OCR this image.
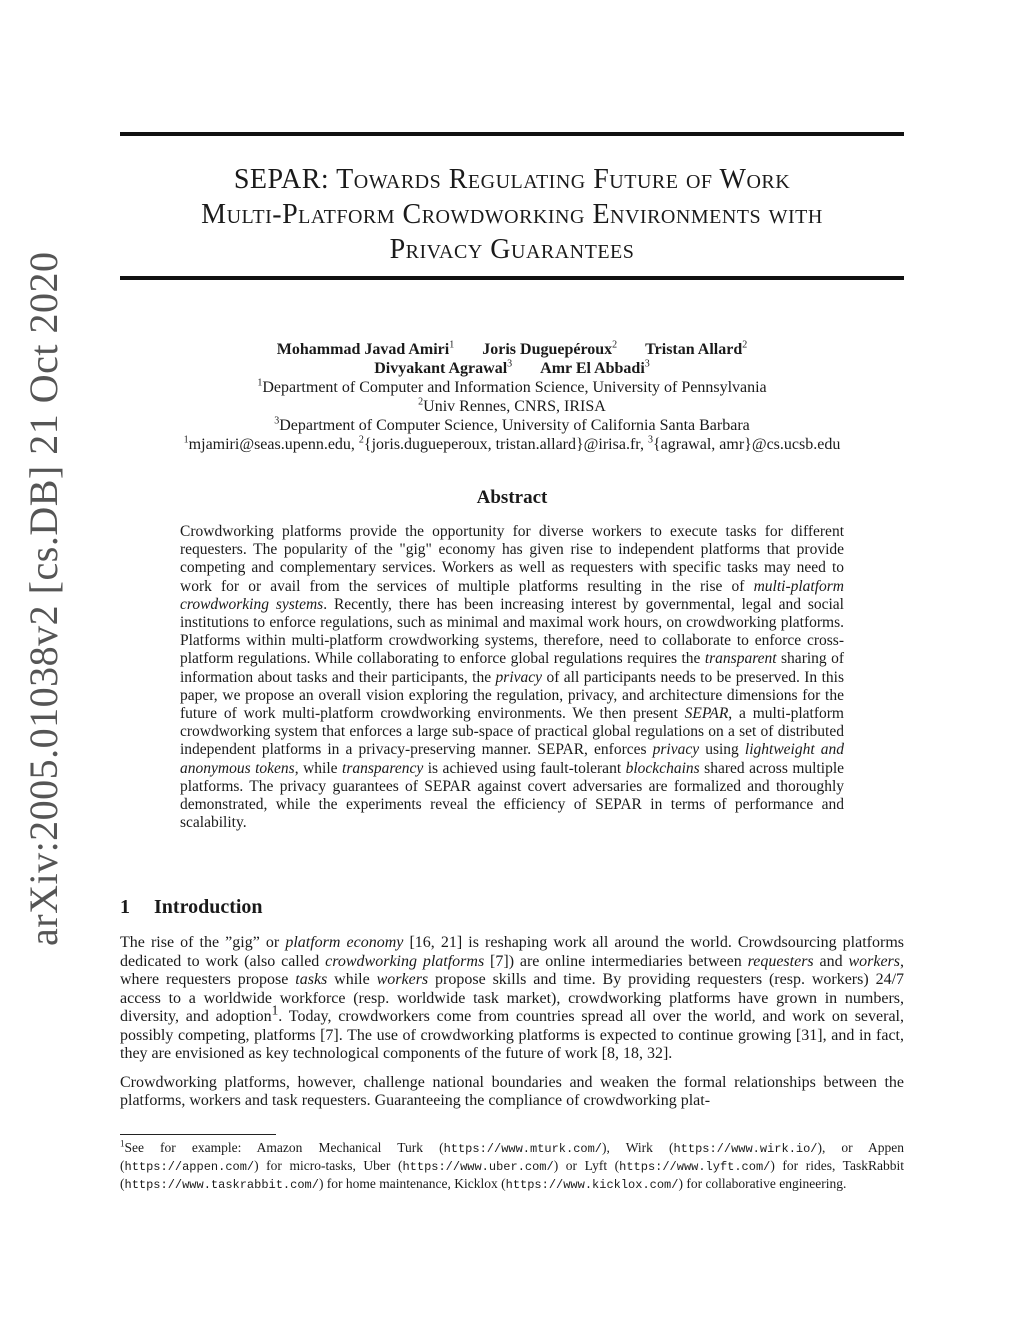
arXiv:2005.01038v2 [cs.DB] 21 Oct 2020
SEPAR: Towards Regulating Future of Work
Multi-Platform Crowdworking Environments with
Privacy Guarantees
Mohammad Javad Amiri$^1$ Joris Duguepéroux$^2$ Tristan Allard$^2$
Divyakant Agrawal$^3$ Amr El Abbadi$^3$
$^1$Department of Computer and Information Science, University of Pennsylvania
$^2$Univ Rennes, CNRS, IRISA
$^3$Department of Computer Science, University of California Santa Barbara
$^1$mjamiri@seas.upenn.edu, $^2${joris.dugueperoux, tristan.allard}@irisa.fr, $^3${agrawal, amr}@cs.ucsb.edu
Abstract
Crowdworking platforms provide the opportunity for diverse workers to execute tasks for different requesters. The popularity of the "gig" economy has given rise to independent platforms that provide competing and complementary services. Workers as well as requesters with specific tasks may need to work for or avail from the services of multiple platforms resulting in the rise of multi-platform crowdworking systems. Recently, there has been increasing interest by governmental, legal and social institutions to enforce regulations, such as minimal and maximal work hours, on crowdworking platforms. Platforms within multi-platform crowdworking systems, therefore, need to collaborate to enforce cross-platform regulations. While collaborating to enforce global regulations requires the transparent sharing of information about tasks and their participants, the privacy of all participants needs to be preserved. In this paper, we propose an overall vision exploring the regulation, privacy, and architecture dimensions for the future of work multi-platform crowdworking environments. We then present SEPAR, a multi-platform crowdworking system that enforces a large sub-space of practical global regulations on a set of distributed independent platforms in a privacy-preserving manner. SEPAR, enforces privacy using lightweight and anonymous tokens, while transparency is achieved using fault-tolerant blockchains shared across multiple platforms. The privacy guarantees of SEPAR against covert adversaries are formalized and thoroughly demonstrated, while the experiments reveal the efficiency of SEPAR in terms of performance and scalability.
1 Introduction

The rise of the ”gig” or platform economy [16, 21] is reshaping work all around the world. Crowdsourcing platforms dedicated to work (also called crowdworking platforms [7]) are online intermediaries between requesters and workers, where requesters propose tasks while workers propose skills and time. By providing requesters (resp. workers) 24/7 access to a worldwide workforce (resp. worldwide task market), crowdworking platforms have grown in numbers, diversity, and adoption$^1$. Today, crowdworkers come from countries spread all over the world, and work on several, possibly competing, platforms [7]. The use of crowdworking platforms is expected to continue growing [31], and in fact, they are envisioned as key technological components of the future of work [8, 18, 32].

Crowdworking platforms, however, challenge national boundaries and weaken the formal relationships between the platforms, workers and task requesters. Guaranteeing the compliance of crowdworking plat-

$^1$See for example: Amazon Mechanical Turk (https://www.mturk.com/), Wirk (https://www.wirk.io/), or Appen (https://appen.com/) for micro-tasks, Uber (https://www.uber.com/) or Lyft (https://www.lyft.com/) for rides, TaskRabbit (https://www.taskrabbit.com/) for home maintenance, Kicklox (https://www.kicklox.com/) for collaborative engineering.
